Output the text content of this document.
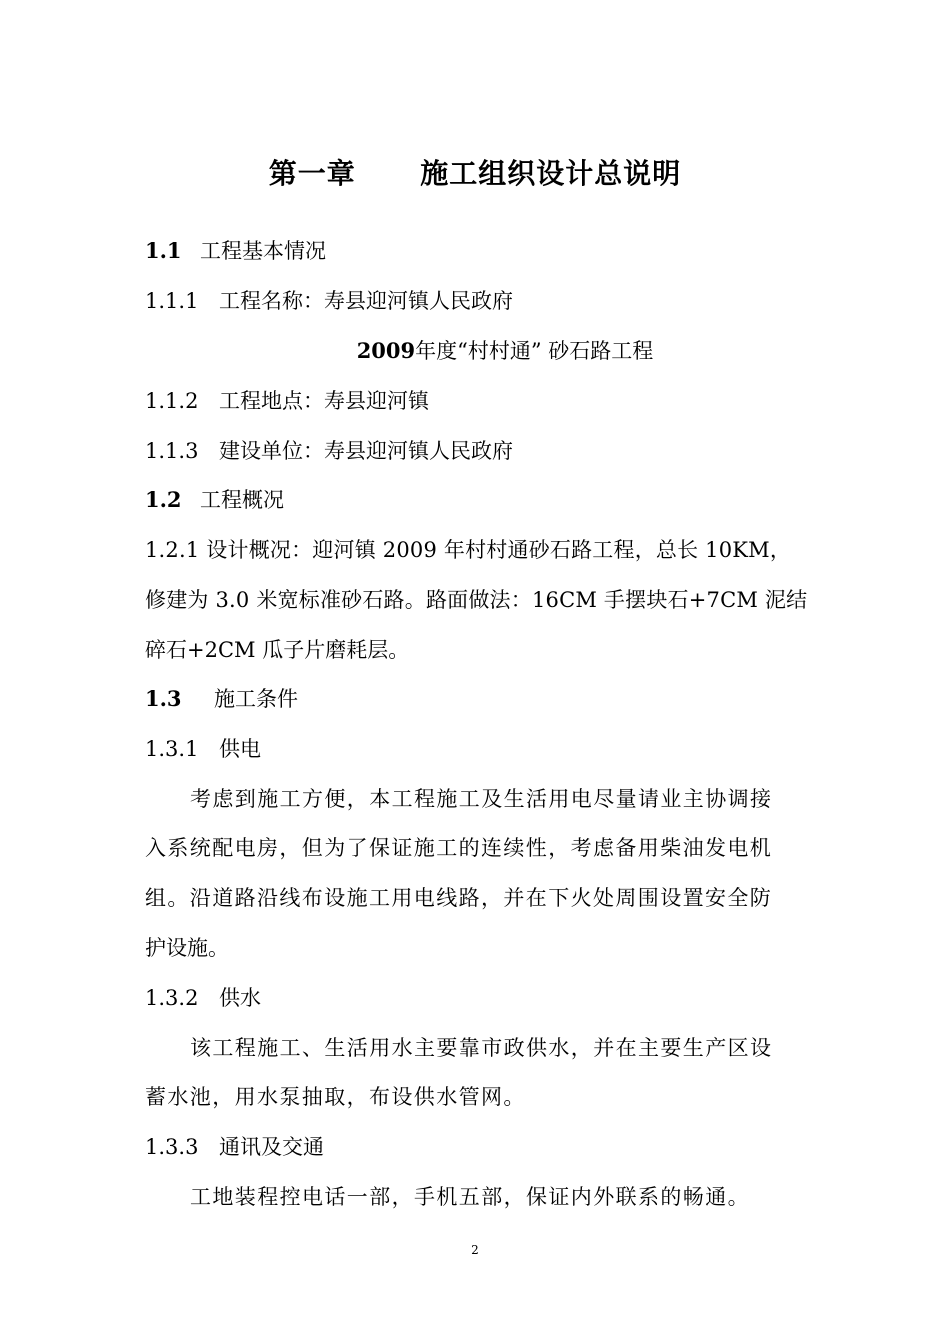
第一章      施工组织设计总说明
1.1 工程基本情况
1.1.1 工程名称：寿县迎河镇人民政府
2009年度“村村通” 砂石路工程
1.1.2 工程地点：寿县迎河镇
1.1.3 建设单位：寿县迎河镇人民政府
1.2 工程概况
1.2.1 设计概况：迎河镇 2009 年村村通砂石路工程，总长 10KM，
修建为 3.0 米宽标准砂石路。路面做法：16CM 手摆块石+7CM 泥结
碎石+2CM 瓜子片磨耗层。
1.3 施工条件
1.3.1 供电
考虑到施工方便，本工程施工及生活用电尽量请业主协调接
入系统配电房，但为了保证施工的连续性，考虑备用柴油发电机
组。沿道路沿线布设施工用电线路，并在下火处周围设置安全防
护设施。
1.3.2 供水
该工程施工、生活用水主要靠市政供水，并在主要生产区设
蓄水池，用水泵抽取，布设供水管网。
1.3.3 通讯及交通
工地装程控电话一部，手机五部，保证内外联系的畅通。
2
